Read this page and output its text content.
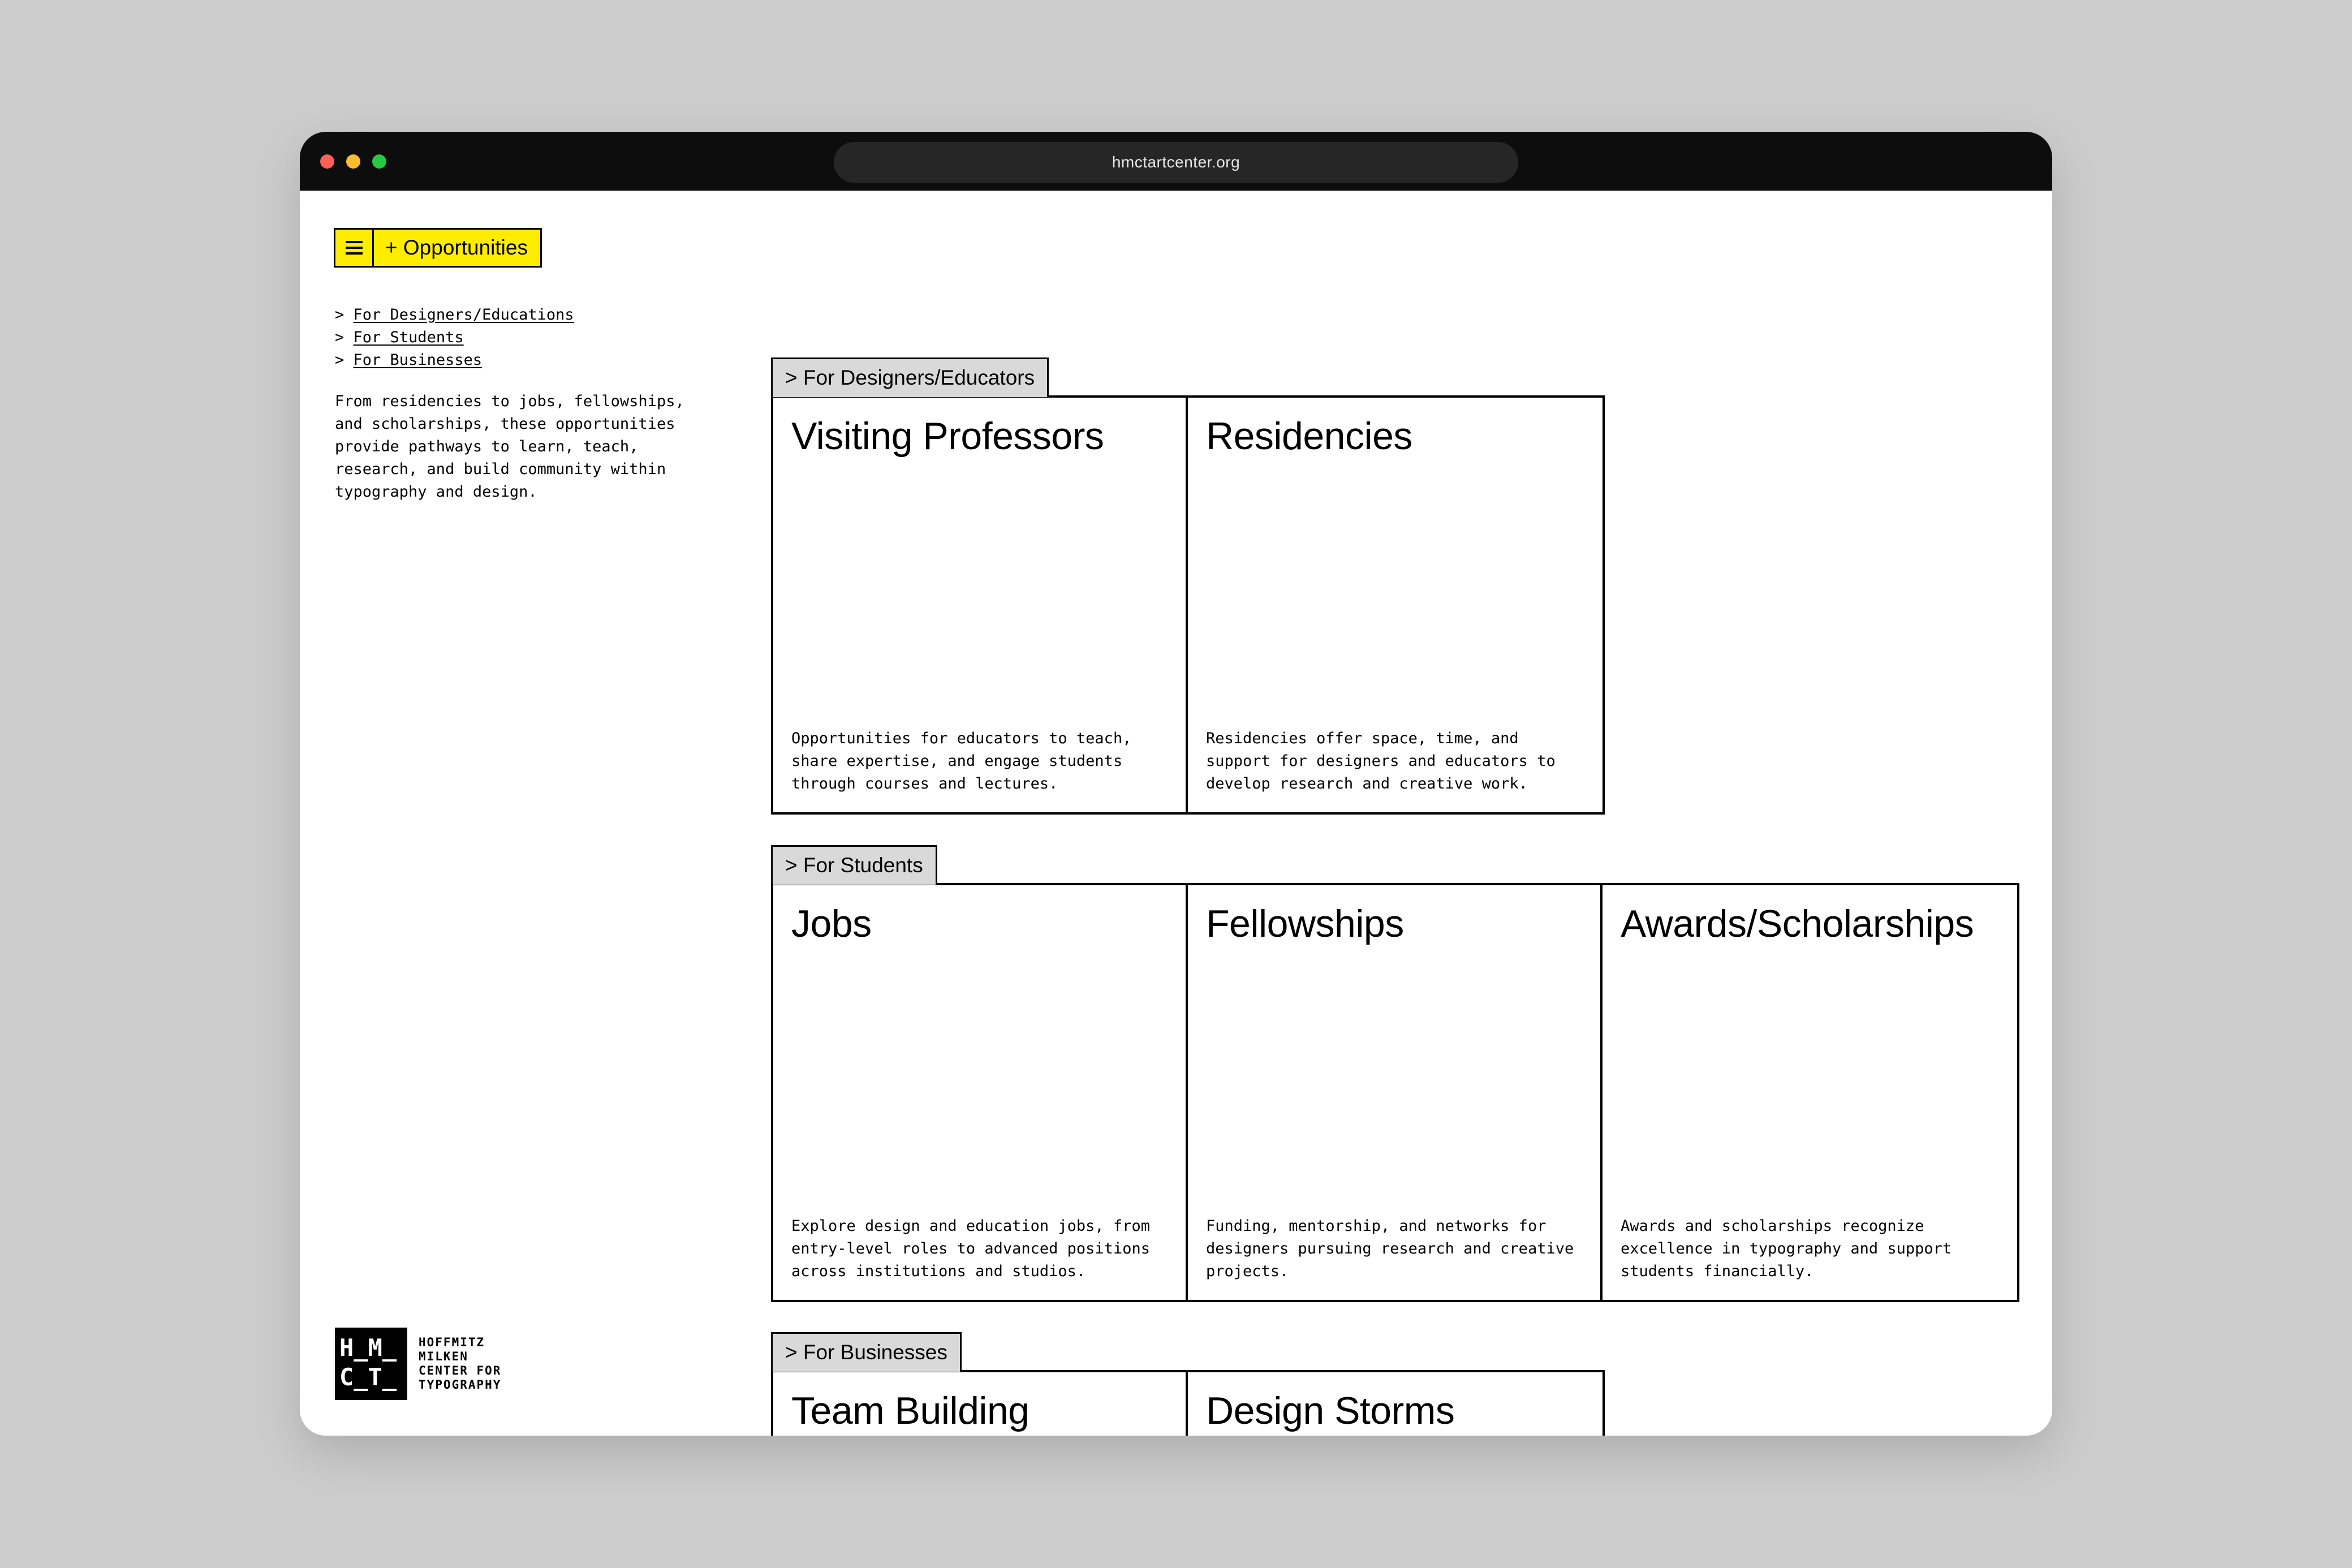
hmctartcenter.org
+ Opportunities
> For Designers/Educations
> For Students
> For Businesses

From residencies to jobs, fellowships, and scholarships, these opportunities provide pathways to learn, teach, research, and build community within typography and design.

H_M_
C_T_
HOFFMITZ
MILKEN
CENTER FOR
TYPOGRAPHY
> For Designers/Educators
Visiting Professors

Opportunities for educators to teach, share expertise, and engage students through courses and lectures.

Residencies

Residencies offer space, time, and support for designers and educators to develop research and creative work.

> For Students
Jobs

Explore design and education jobs, from entry-level roles to advanced positions across institutions and studios.

Fellowships

Funding, mentorship, and networks for designers pursuing research and creative projects.

Awards/Scholarships

Awards and scholarships recognize excellence in typography and support students financially.

> For Businesses
Team Building	Design Storms
